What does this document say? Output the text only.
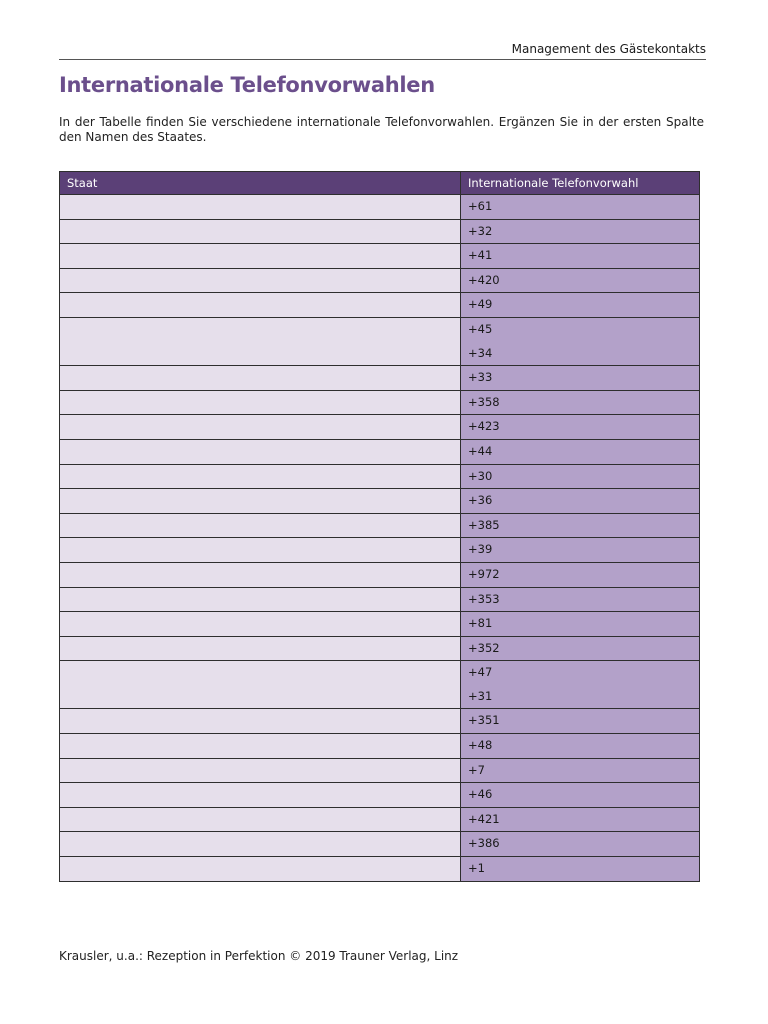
Management des Gästekontakts
Internationale Telefonvorwahlen

In der Tabelle finden Sie verschiedene internationale Telefonvorwahlen. Ergänzen Sie in der ersten Spalte den Namen des Staates.

Staat	Internationale Telefonvorwahl

	+61

	+32

	+41

	+420

	+49

	+45
+34

	+33

	+358

	+423

	+44

	+30

	+36

	+385

	+39

	+972

	+353

	+81

	+352

	+47
+31

	+351

	+48

	+7

	+46

	+421

	+386

	+1
Krausler, u.a.: Rezeption in Perfektion © 2019 Trauner Verlag, Linz
